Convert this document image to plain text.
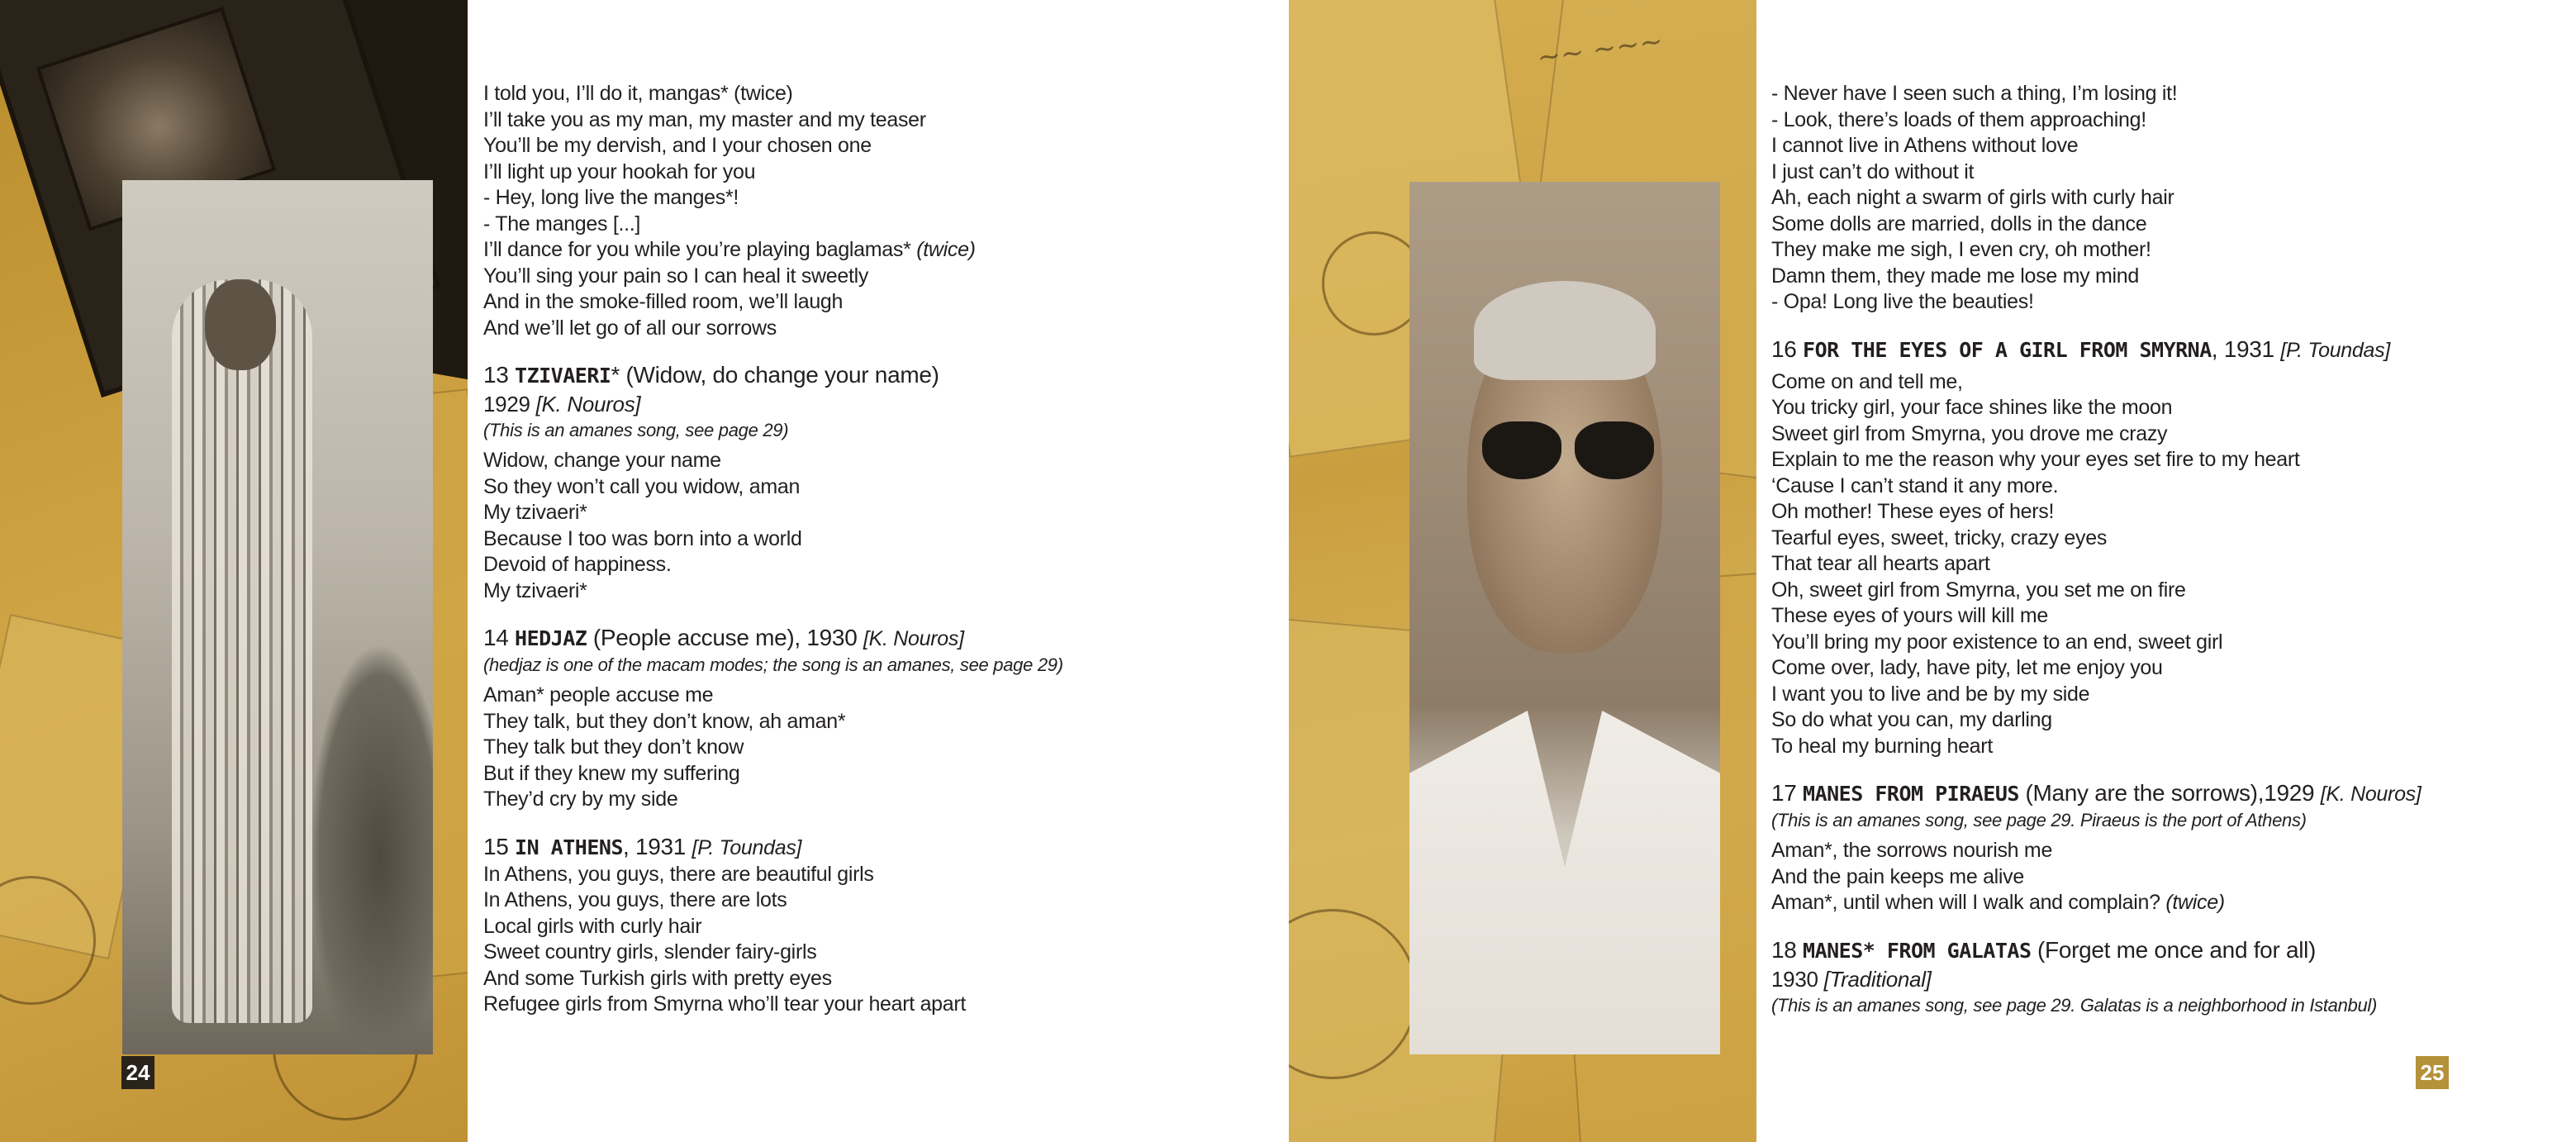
24
~~ ~~~
I told you, I’ll do it, mangas* (twice)
I’ll take you as my man, my master and my teaser
You’ll be my dervish, and I your chosen one
I’ll light up your hookah for you
- Hey, long live the manges*!
- The manges [...]
I’ll dance for you while you’re playing baglamas* (twice)
You’ll sing your pain so I can heal it sweetly
And in the smoke-filled room, we’ll laugh
And we’ll let go of all our sorrows
13 TZIVAERI* (Widow, do change your name)
1929 [K. Nouros]
(This is an amanes song, see page 29)
Widow, change your name
So they won’t call you widow, aman
My tzivaeri*
Because I too was born into a world
Devoid of happiness.
My tzivaeri*
14 HEDJAZ (People accuse me), 1930 [K. Nouros]
(hedjaz is one of the macam modes; the song is an amanes, see page 29)
Aman* people accuse me
They talk, but they don’t know, ah aman*
They talk but they don’t know
But if they knew my suffering
They’d cry by my side
15 IN ATHENS, 1931 [P. Toundas]
In Athens, you guys, there are beautiful girls
In Athens, you guys, there are lots
Local girls with curly hair
Sweet country girls, slender fairy-girls
And some Turkish girls with pretty eyes
Refugee girls from Smyrna who’ll tear your heart apart
- Never have I seen such a thing, I’m losing it!
- Look, there’s loads of them approaching!
I cannot live in Athens without love
I just can’t do without it
Ah, each night a swarm of girls with curly hair
Some dolls are married, dolls in the dance
They make me sigh, I even cry, oh mother!
Damn them, they made me lose my mind
- Opa! Long live the beauties!
16 FOR THE EYES OF A GIRL FROM SMYRNA, 1931 [P. Toundas]
Come on and tell me,
You tricky girl, your face shines like the moon
Sweet girl from Smyrna, you drove me crazy
Explain to me the reason why your eyes set fire to my heart
‘Cause I can’t stand it any more.
Oh mother! These eyes of hers!
Tearful eyes, sweet, tricky, crazy eyes
That tear all hearts apart
Oh, sweet girl from Smyrna, you set me on fire
These eyes of yours will kill me
You’ll bring my poor existence to an end, sweet girl
Come over, lady, have pity, let me enjoy you
I want you to live and be by my side
So do what you can, my darling
To heal my burning heart
17 MANES FROM PIRAEUS (Many are the sorrows),1929 [K. Nouros]
(This is an amanes song, see page 29. Piraeus is the port of Athens)
Aman*, the sorrows nourish me
And the pain keeps me alive
Aman*, until when will I walk and complain? (twice)
18 MANES* FROM GALATAS (Forget me once and for all)
1930 [Traditional]
(This is an amanes song, see page 29. Galatas is a neighborhood in Istanbul)
25
